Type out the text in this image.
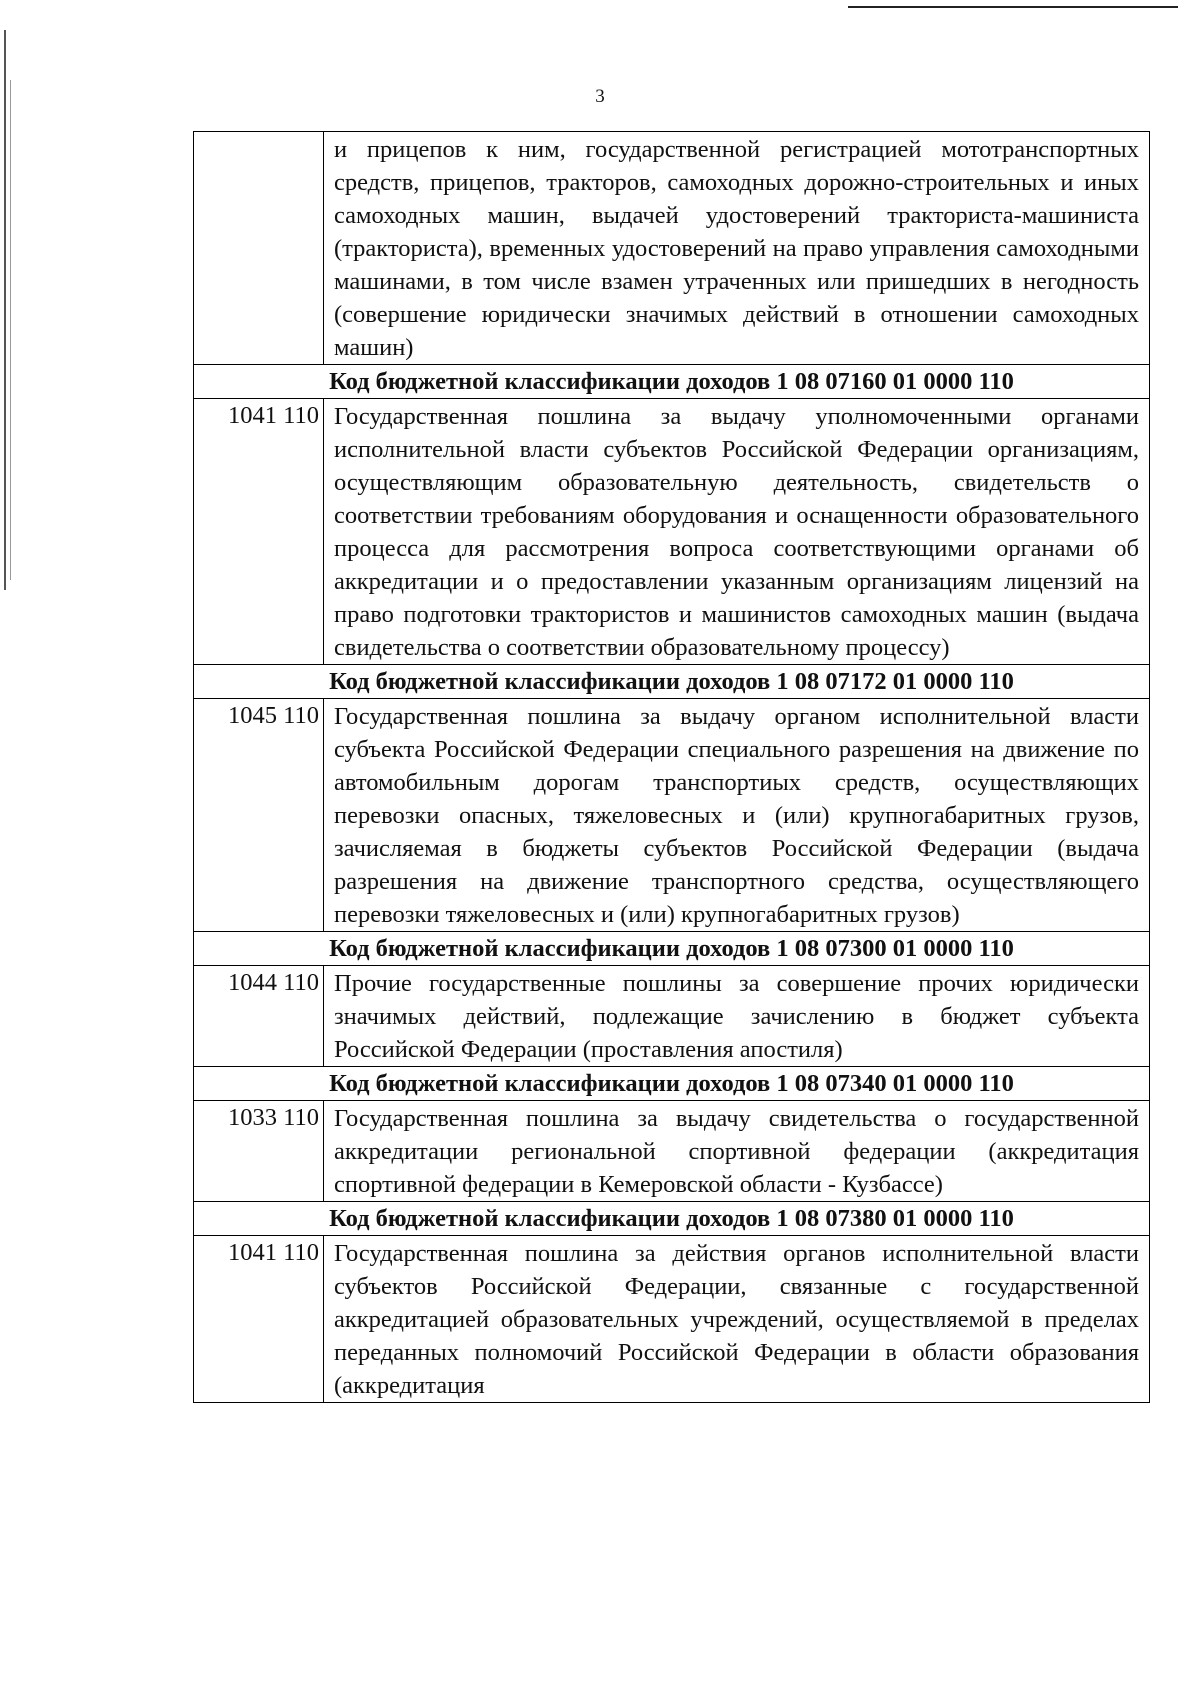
3
	и прицепов к ним, государственной регистрацией мототранспортных средств, прицепов, тракторов, самоходных дорожно-строительных и иных самоходных машин, выдачей удостоверений тракториста-машиниста (тракториста), временных удостоверений на право управления самоходными машинами, в том числе взамен утраченных или пришедших в негодность (совершение юридически значимых действий в отношении самоходных машин)
Код бюджетной классификации доходов 1 08 07160 01 0000 110	
1041 110	Государственная пошлина за выдачу уполномоченными органами исполнительной власти субъектов Российской Федерации организациям, осуществляющим образовательную деятельность, свидетельств о соответствии требованиям оборудования и оснащенности образовательного процесса для рассмотрения вопроса соответствующими органами об аккредитации и о предоставлении указанным организациям лицензий на право подготовки трактористов и машинистов самоходных машин (выдача свидетельства о соответствии образовательному процессу)
Код бюджетной классификации доходов 1 08 07172 01 0000 110	
1045 110	Государственная пошлина за выдачу органом исполнительной власти субъекта Российской Федерации специального разрешения на движение по автомобильным дорогам транспортиых средств, осуществляющих перевозки опасных, тяжеловесных и (или) крупногабаритных грузов, зачисляемая в бюджеты субъектов Российской Федерации (выдача разрешения на движение транспортного средства, осуществляющего перевозки тяжеловесных и (или) крупногабаритных грузов)
Код бюджетной классификации доходов 1 08 07300 01 0000 110	
1044 110	Прочие государственные пошлины за совершение прочих юридически значимых действий, подлежащие зачислению в бюджет субъекта Российской Федерации (проставления апостиля)
Код бюджетной классификации доходов 1 08 07340 01 0000 110	
1033 110	Государственная пошлина за выдачу свидетельства о государственной аккредитации региональной спортивной федерации (аккредитация спортивной федерации в Кемеровской области - Кузбассе)
Код бюджетной классификации доходов 1 08 07380 01 0000 110	
1041 110	Государственная пошлина за действия органов исполнительной власти субъектов Российской Федерации, связанные с государственной аккредитацией образовательных учреждений, осуществляемой в пределах переданных полномочий Российской Федерации в области образования (аккредитация
